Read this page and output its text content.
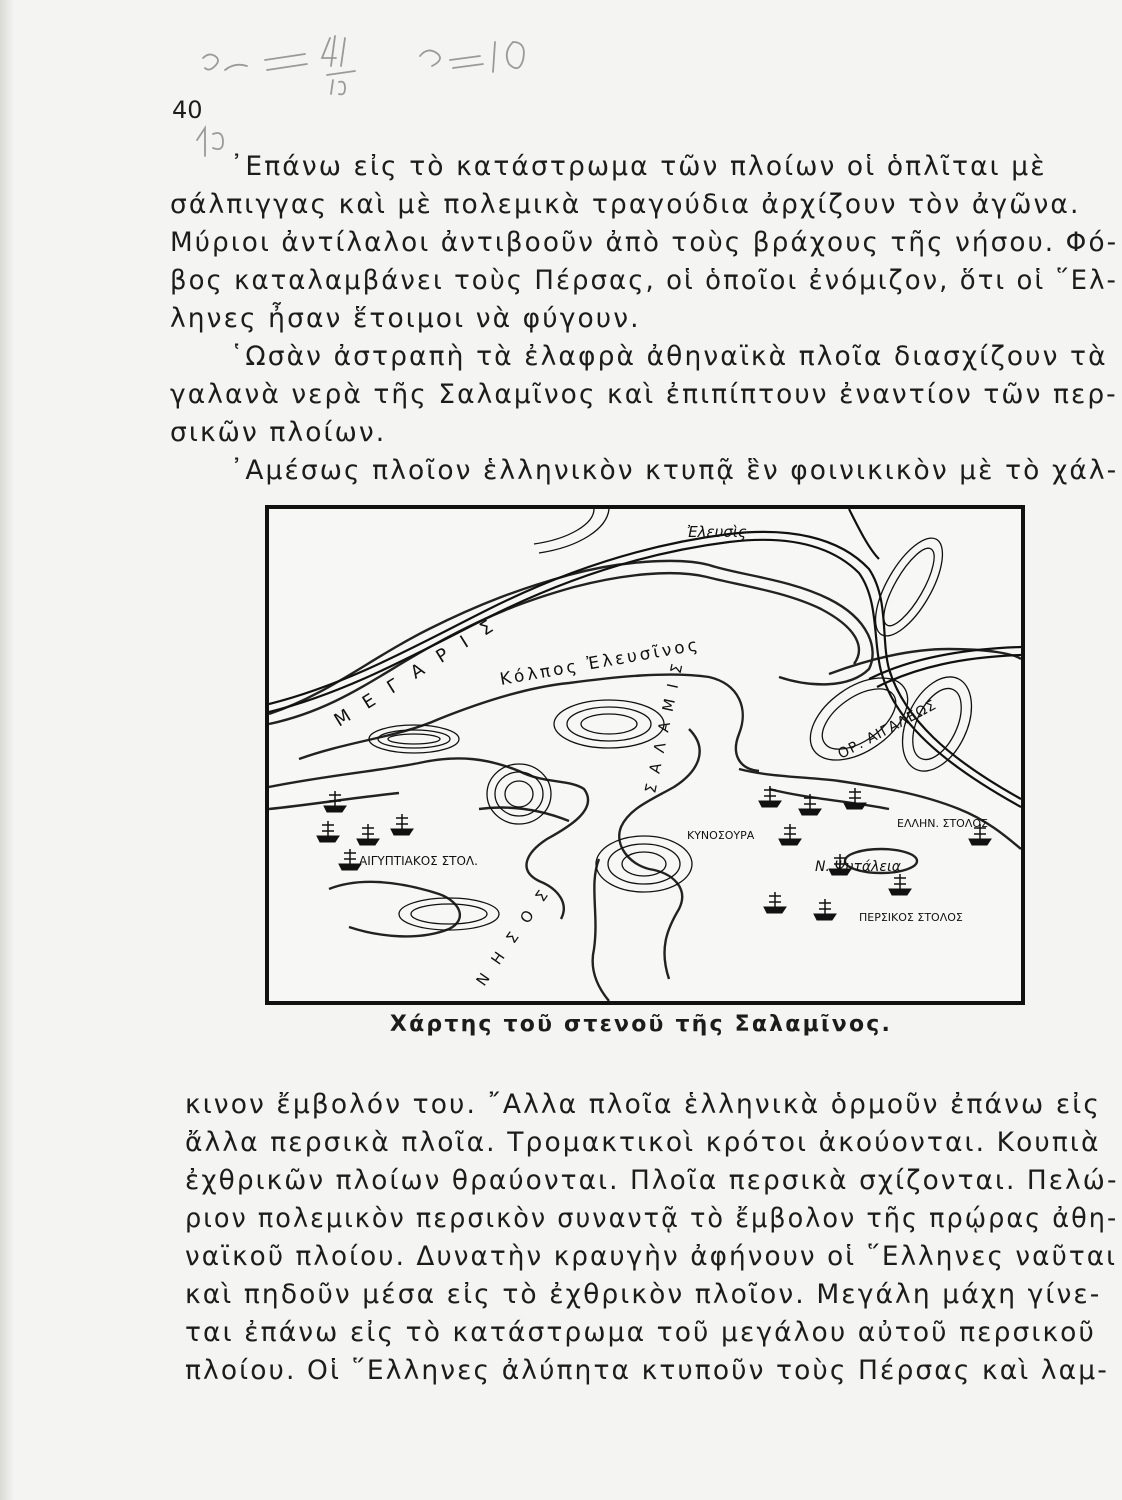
40
᾿Επάνω εἰς τὸ κατάστρωμα τῶν πλοίων οἱ ὁπλῖται μὲ
σάλπιγγας καὶ μὲ πολεμικὰ τραγούδια ἀρχίζουν τὸν ἀγῶνα.
Μύριοι ἀντίλαλοι ἀντιβοοῦν ἀπὸ τοὺς βράχους τῆς νήσου. Φό-
βος καταλαμβάνει τοὺς Πέρσας, οἱ ὁποῖοι ἐνόμιζον, ὅτι οἱ ῞Ελ-
ληνες ἦσαν ἕτοιμοι νὰ φύγουν.
῾Ωσὰν ἀστραπὴ τὰ ἐλαφρὰ ἀθηναϊκὰ πλοῖα διασχίζουν τὰ
γαλανὰ νερὰ τῆς Σαλαμῖνος καὶ ἐπιπίπτουν ἐναντίον τῶν περ-
σικῶν πλοίων.
᾿Αμέσως πλοῖον ἑλληνικὸν κτυπᾷ ἓν φοινικικὸν μὲ τὸ χάλ-
Μ Ε Γ Α Ρ Ι Σ
Ἐλευσὶς
Κόλπος Ἐλευσῖνος
ΟΡ. ΑΙΓΑΛΕΩΣ
Σ Α Λ Α Μ Ι Σ
Ν Η Σ Ο Σ
ΑΙΓΥΠΤΙΑΚΟΣ ΣΤΟΛ.
ΚΥΝΟΣΟΥΡΑ
ΕΛΛΗΝ. ΣΤΟΛΟΣ
Ν. Ψυτάλεια
ΠΕΡΣΙΚΟΣ ΣΤΟΛΟΣ
Χάρτης τοῦ στενοῦ τῆς Σαλαμῖνος.
κινον ἔμβολόν του. ῎Αλλα πλοῖα ἑλληνικὰ ὁρμοῦν ἐπάνω εἰς
ἄλλα περσικὰ πλοῖα. Τρομακτικοὶ κρότοι ἀκούονται. Κουπιὰ
ἐχθρικῶν πλοίων θραύονται. Πλοῖα περσικὰ σχίζονται. Πελώ-
ριον πολεμικὸν περσικὸν συναντᾷ τὸ ἔμβολον τῆς πρῴρας ἀθη-
ναϊκοῦ πλοίου. Δυνατὴν κραυγὴν ἀφήνουν οἱ ῞Ελληνες ναῦται
καὶ πηδοῦν μέσα εἰς τὸ ἐχθρικὸν πλοῖον. Μεγάλη μάχη γίνε-
ται ἐπάνω εἰς τὸ κατάστρωμα τοῦ μεγάλου αὐτοῦ περσικοῦ
πλοίου. Οἱ ῞Ελληνες ἀλύπητα κτυποῦν τοὺς Πέρσας καὶ λαμ-
